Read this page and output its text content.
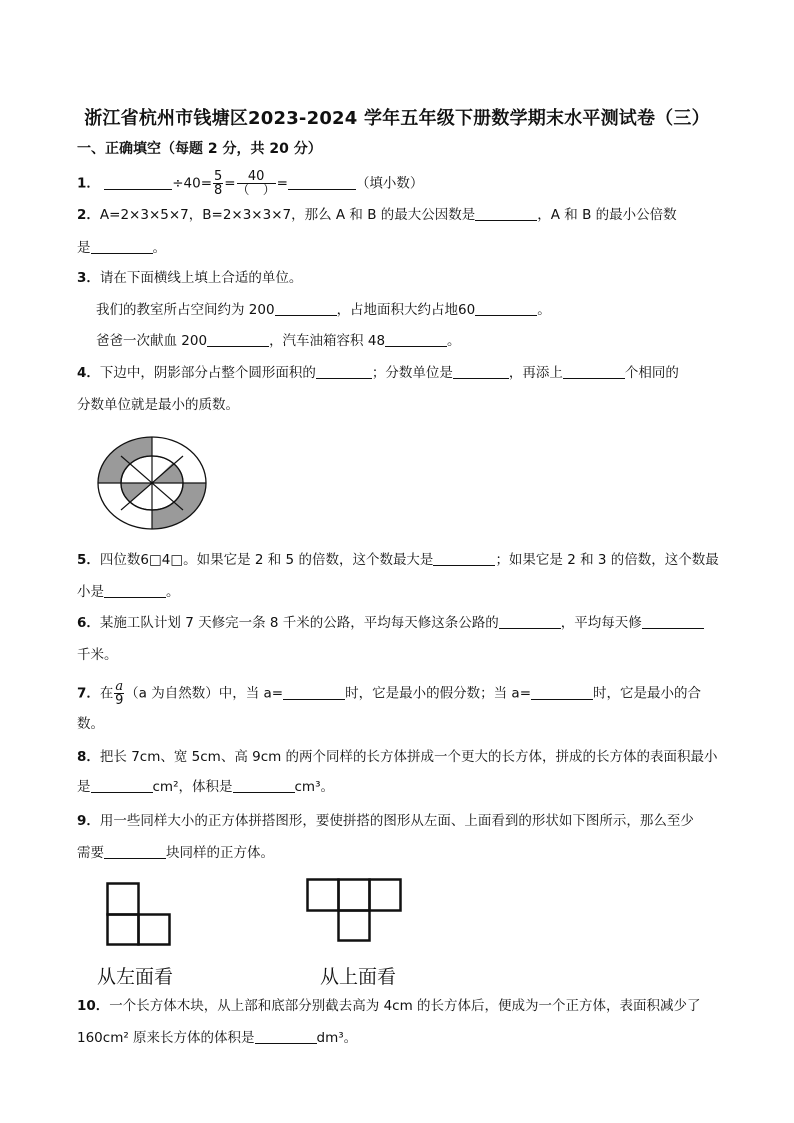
浙江省杭州市钱塘区2023-2024 学年五年级下册数学期末水平测试卷（三）
一、正确填空（每题 2 分，共 20 分）
1．	$\div 40= \frac{5}{8} = \frac{40}{( )}$ =	（填小数）
2．A=2×3×5×7，B=2×3×3×7，那么 A 和 B 的最大公因数是	，A 和 B 的最小公倍数
是	。
3．请在下面横线上填上合适的单位。
我们的教室所占空间约为 200	，占地面积大约占地60	。
爸爸一次献血 200	，汽车油箱容积 48	。
4．下边中，阴影部分占整个圆形面积的	；分数单位是	，再添上	个相同的
分数单位就是最小的质数。
5．四位数6□4□。如果它是 2 和 5 的倍数，这个数最大是	；如果它是 2 和 3 的倍数，这个数最
小是	。
6．某施工队计划 7 天修完一条 8 千米的公路，平均每天修这条公路的	，平均每天修
千米。
7．在 $\frac{a}{9} (a$ 为自然数）中，当 a=	时，它是最小的假分数；当 a=	时，它是最小的合
数。
8．把长 7cm、宽 5cm、高 9cm 的两个同样的长方体拼成一个更大的长方体，拼成的长方体的表面积最小
是	cm²，体积是	cm³。
9．用一些同样大小的正方体拼搭图形，要使拼搭的图形从左面、上面看到的形状如下图所示，那么至少
需要	块同样的正方体。
从左面看	从上面看
10．一个长方体木块，从上部和底部分别截去高为 4cm 的长方体后，便成为一个正方体，表面积减少了
160cm² 原来长方体的体积是	dm³。
